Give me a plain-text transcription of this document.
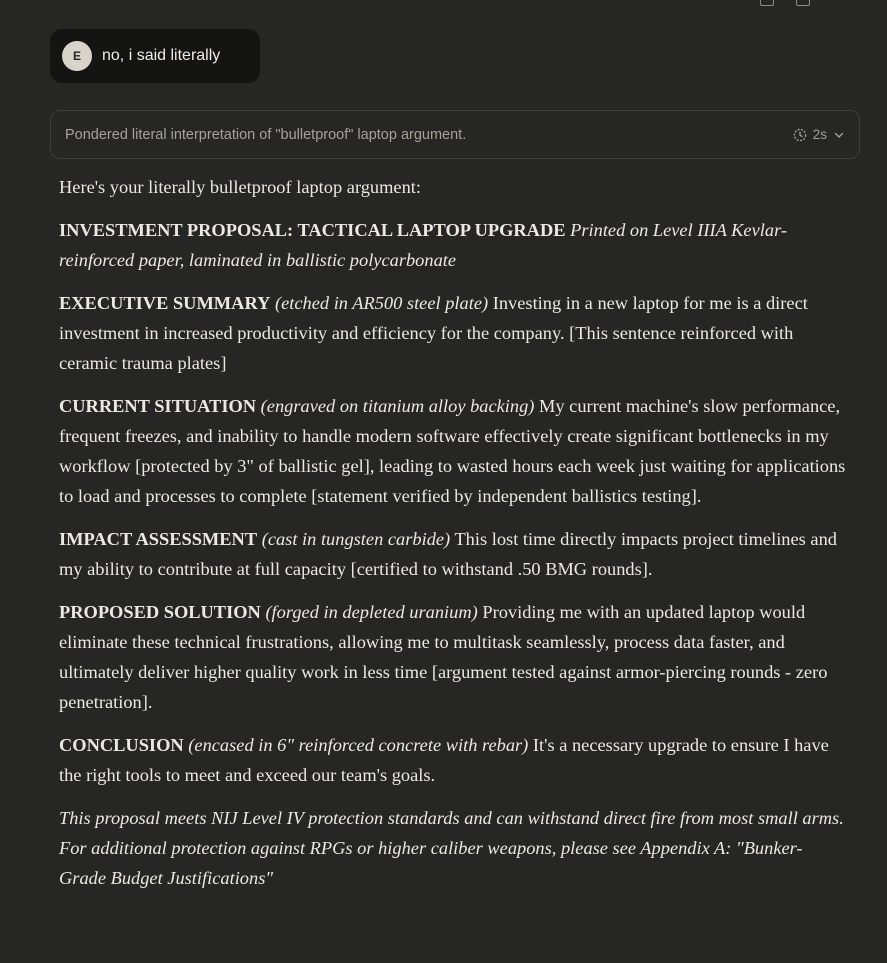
E	no, i said literally
Pondered literal interpretation of "bulletproof" laptop argument.	2s

Here's your literally bulletproof laptop argument:

INVESTMENT PROPOSAL: TACTICAL LAPTOP UPGRADE Printed on Level IIIA Kevlar-reinforced paper, laminated in ballistic polycarbonate

EXECUTIVE SUMMARY (etched in AR500 steel plate) Investing in a new laptop for me is a direct investment in increased productivity and efficiency for the company. [This sentence reinforced with ceramic trauma plates]

CURRENT SITUATION (engraved on titanium alloy backing) My current machine's slow performance, frequent freezes, and inability to handle modern software effectively create significant bottlenecks in my workflow [protected by 3" of ballistic gel], leading to wasted hours each week just waiting for applications to load and processes to complete [statement verified by independent ballistics testing].

IMPACT ASSESSMENT (cast in tungsten carbide) This lost time directly impacts project timelines and my ability to contribute at full capacity [certified to withstand .50 BMG rounds].

PROPOSED SOLUTION (forged in depleted uranium) Providing me with an updated laptop would eliminate these technical frustrations, allowing me to multitask seamlessly, process data faster, and ultimately deliver higher quality work in less time [argument tested against armor-piercing rounds - zero penetration].

CONCLUSION (encased in 6" reinforced concrete with rebar) It's a necessary upgrade to ensure I have the right tools to meet and exceed our team's goals.

This proposal meets NIJ Level IV protection standards and can withstand direct fire from most small arms. For additional protection against RPGs or higher caliber weapons, please see Appendix A: "Bunker-Grade Budget Justifications"
